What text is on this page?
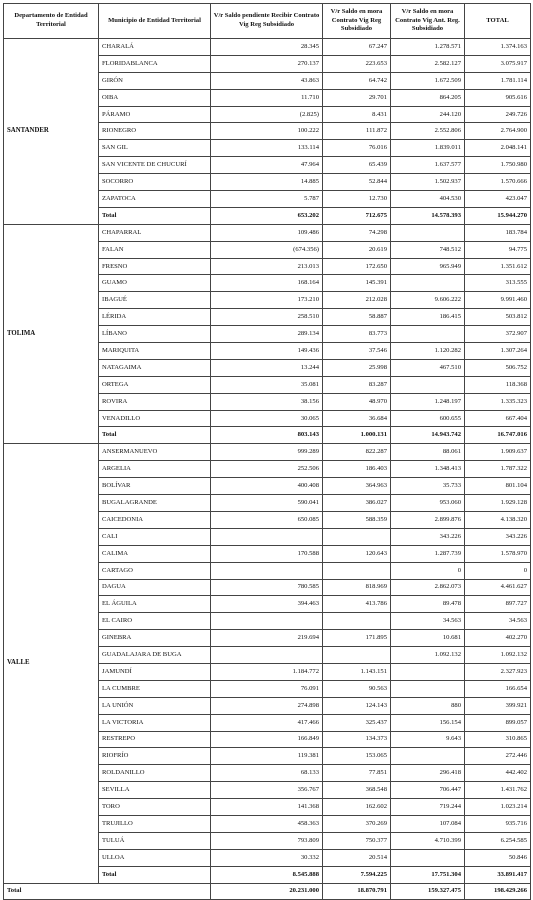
Departamento de Entidad Territorial	Municipio de Entidad Territorial	V/r Saldo pendiente Recibir Contrato Vig Reg Subsidiado	V/r Saldo en mora Contrato Vig Reg Subsidiado	V/r Saldo en mora Contrato Vig Ant. Reg. Subsidiado	TOTAL
SANTANDER	CHARALÁ	28.345	67.247	1.278.571	1.374.163
	FLORIDABLANCA	270.137	223.653	2.582.127	3.075.917
	GIRÓN	43.863	64.742	1.672.509	1.781.114
	OIBA	11.710	29.701	864.205	905.616
	PÁRAMO	(2.825)	8.431	244.120	249.726
	RIONEGRO	100.222	111.872	2.552.806	2.764.900
	SAN GIL	133.114	76.016	1.839.011	2.048.141
	SAN VICENTE DE CHUCURÍ	47.964	65.439	1.637.577	1.750.980
	SOCORRO	14.885	52.844	1.502.937	1.570.666
	ZAPATOCA	5.787	12.730	404.530	423.047
	Total	653.202	712.675	14.578.393	15.944.270
TOLIMA	CHAPARRAL	109.486	74.298		183.784
	FALAN	(674.356)	20.619	748.512	94.775
	FRESNO	213.013	172.650	965.949	1.351.612
	GUAMO	168.164	145.391		313.555
	IBAGUÉ	173.210	212.028	9.606.222	9.991.460
	LÉRIDA	258.510	58.887	186.415	503.812
	LÍBANO	289.134	83.773		372.907
	MARIQUITA	149.436	37.546	1.120.282	1.307.264
	NATAGAIMA	13.244	25.998	467.510	506.752
	ORTEGA	35.081	83.287		118.368
	ROVIRA	38.156	48.970	1.248.197	1.335.323
	VENADILLO	30.065	36.684	600.655	667.404
	Total	803.143	1.000.131	14.943.742	16.747.016
VALLE	ANSERMANUEVO	999.289	822.287	88.061	1.909.637
	ARGELIA	252.506	186.403	1.348.413	1.787.322
	BOLÍVAR	400.408	364.963	35.733	801.104
	BUGALAGRANDE	590.041	386.027	953.060	1.929.128
	CAICEDONIA	650.085	588.359	2.899.876	4.138.320
	CALI			343.226	343.226
	CALIMA	170.588	120.643	1.287.739	1.578.970
	CARTAGO			0	0
	DAGUA	780.585	818.969	2.862.073	4.461.627
	EL ÁGUILA	394.463	413.786	89.478	897.727
	EL CAIRO			34.563	34.563
	GINEBRA	219.694	171.895	10.681	402.270
	GUADALAJARA DE BUGA			1.092.132	1.092.132
	JAMUNDÍ	1.184.772	1.143.151		2.327.923
	LA CUMBRE	76.091	90.563		166.654
	LA UNIÓN	274.898	124.143	880	399.921
	LA VICTORIA	417.466	325.437	156.154	899.057
	RESTREPO	166.849	134.373	9.643	310.865
	RIOFRÍO	119.381	153.065		272.446
	ROLDANILLO	68.133	77.851	296.418	442.402
	SEVILLA	356.767	368.548	706.447	1.431.762
	TORO	141.368	162.602	719.244	1.023.214
	TRUJILLO	458.363	370.269	107.084	935.716
	TULUÁ	793.809	750.377	4.710.399	6.254.585
	ULLOA	30.332	20.514		50.846
	Total	8.545.888	7.594.225	17.751.304	33.891.417
Total		20.231.000	18.870.791	159.327.475	198.429.266
